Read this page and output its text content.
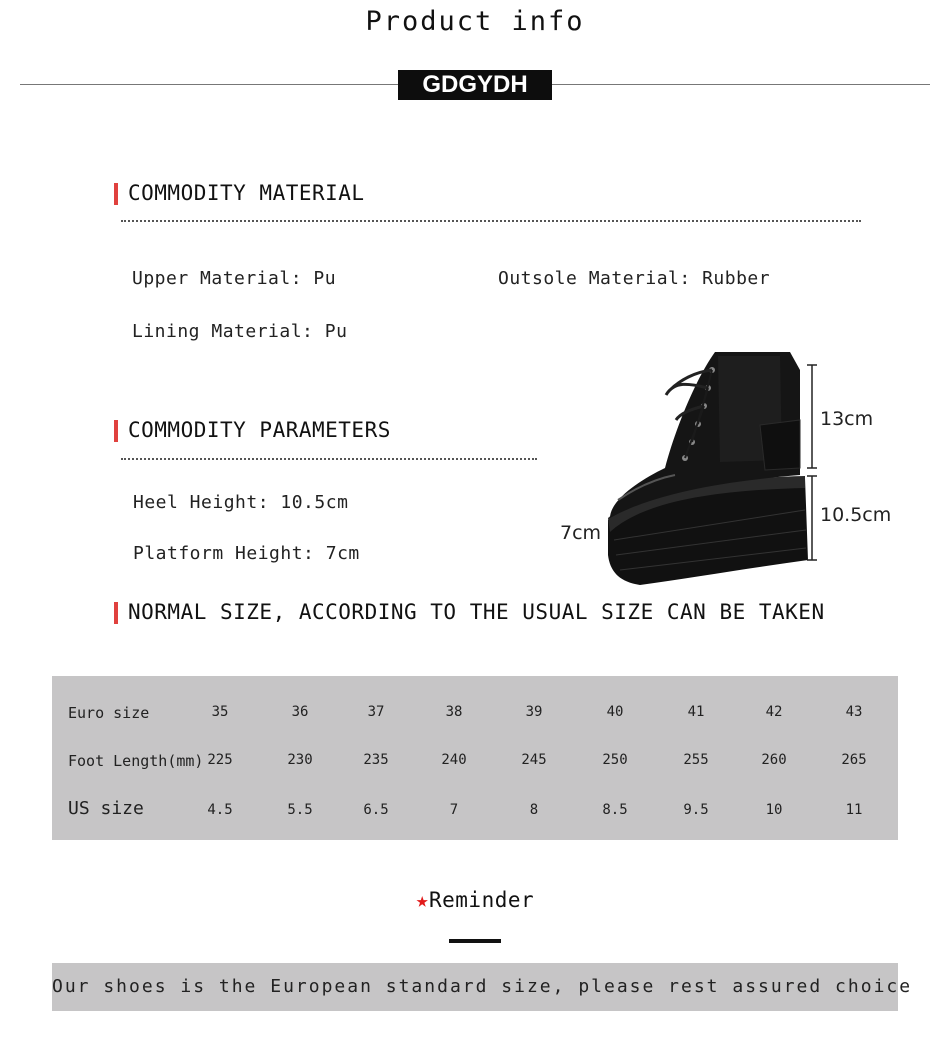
Product info
GDGYDH
COMMODITY MATERIAL
Upper Material: Pu	Outsole Material: Rubber
Lining Material: Pu
COMMODITY PARAMETERS
Heel Height: 10.5cm
Platform Height: 7cm
13cm
10.5cm
7cm
NORMAL SIZE, ACCORDING TO THE USUAL SIZE CAN BE TAKEN
Euro size	35	36	37	38	39	40	41	42	43
Foot Length(mm) 225	230	235	240	245	250	255	260	265
US size	4.5	5.5	6.5	7	8	8.5	9.5	10	11
★Reminder
Our shoes is the European standard size, please rest assured choice
